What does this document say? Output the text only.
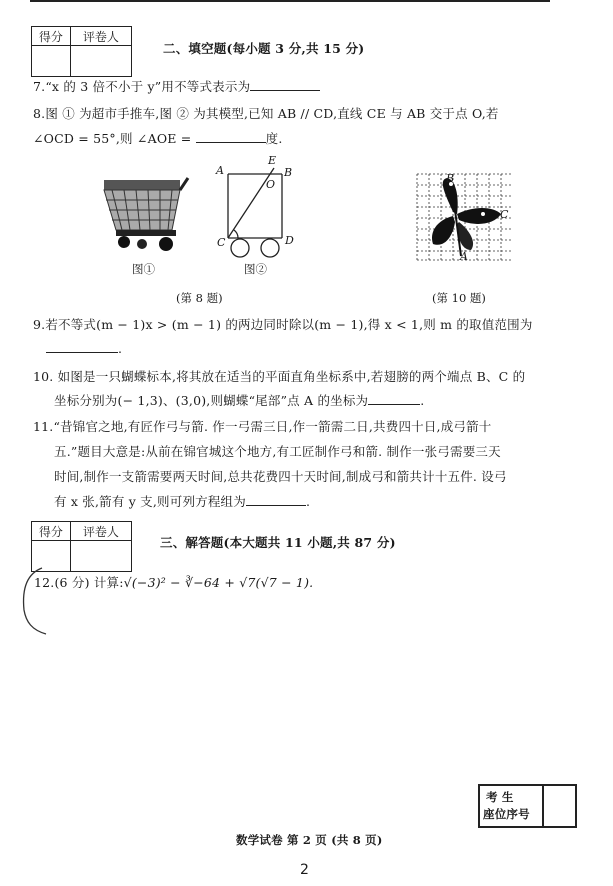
得分	评卷人

二、填空题(每小题 3 分,共 15 分)
7.“x 的 3 倍不小于 y”用不等式表示为
8.图 ① 为超市手推车,图 ② 为其模型,已知 AB // CD,直线 CE 与 AB 交于点 O,若
∠OCD = 55°,则 ∠AOE =	度.
图①
A	B
E
O
C	D
图②
(第 8 题)
B
C
A
(第 10 题)
9.若不等式(m − 1)x > (m − 1) 的两边同时除以(m − 1),得 x < 1,则 m 的取值范围为
.
10. 如图是一只蝴蝶标本,将其放在适当的平面直角坐标系中,若翅膀的两个端点 B、C 的
坐标分别为(− 1,3)、(3,0),则蝴蝶“尾部”点 A 的坐标为	.
11.“昔锦官之地,有匠作弓与箭. 作一弓需三日,作一箭需二日,共费四十日,成弓箭十
五.”题目大意是:从前在锦官城这个地方,有工匠制作弓和箭. 制作一张弓需要三天
时间,制作一支箭需要两天时间,总共花费四十天时间,制成弓和箭共计十五件. 设弓
有 x 张,箭有 y 支,则可列方程组为	.
得分	评卷人

三、解答题(本大题共 11 小题,共 87 分)
12.(6 分) 计算:√(−3)² − ∛−64 + √7(√7 − 1).
考 生
座位序号
数学试卷 第 2 页 (共 8 页)
2
